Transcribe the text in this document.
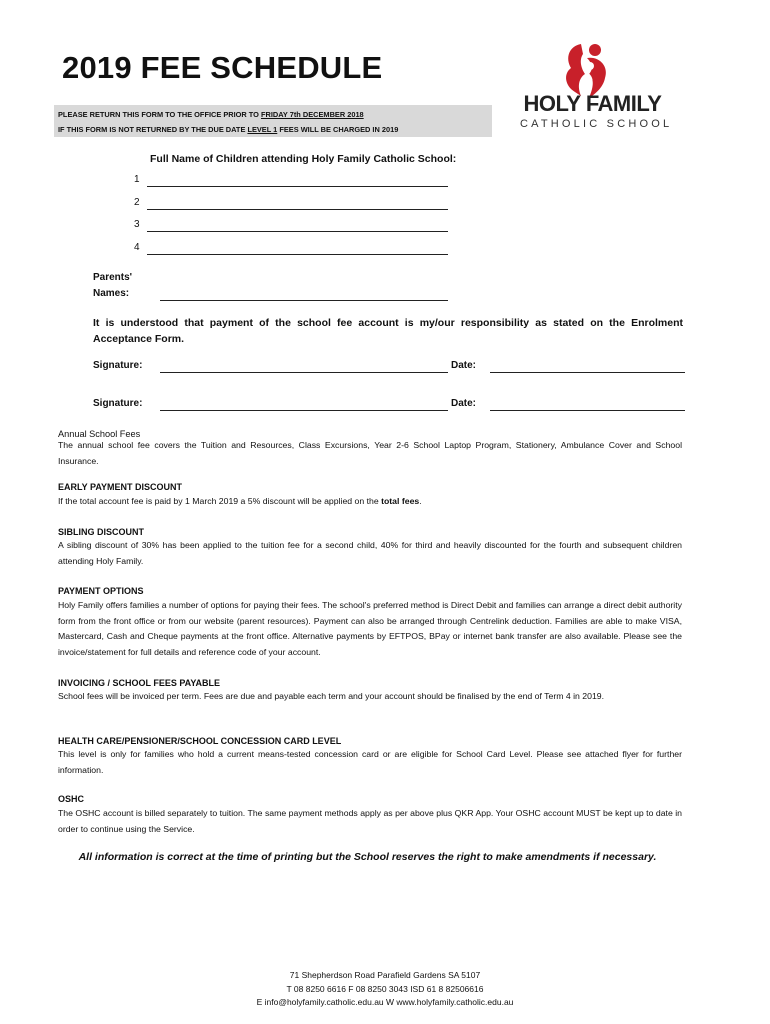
2019 FEE SCHEDULE
PLEASE RETURN THIS FORM TO THE OFFICE PRIOR TO FRIDAY 7th DECEMBER 2018
IF THIS FORM IS NOT RETURNED BY THE DUE DATE LEVEL 1 FEES WILL BE CHARGED IN 2019
HOLY FAMILY
CATHOLIC SCHOOL
Full Name of Children attending Holy Family Catholic School:
1
2
3
4
Parents'
Names:
It is understood that payment of the school fee account is my/our responsibility as stated on the Enrolment Acceptance Form.
Signature:	Date:
Signature:	Date:
Annual School Fees
The annual school fee covers the Tuition and Resources, Class Excursions, Year 2-6 School Laptop Program, Stationery, Ambulance Cover and School Insurance.
EARLY PAYMENT DISCOUNT
If the total account fee is paid by 1 March 2019 a 5% discount will be applied on the total fees.
SIBLING DISCOUNT
A sibling discount of 30% has been applied to the tuition fee for a second child, 40% for third and heavily discounted for the fourth and subsequent children attending Holy Family.
PAYMENT OPTIONS
Holy Family offers families a number of options for paying their fees. The school's preferred method is Direct Debit and families can arrange a direct debit authority form from the front office or from our website (parent resources). Payment can also be arranged through Centrelink deduction. Families are able to make VISA, Mastercard, Cash and Cheque payments at the front office. Alternative payments by EFTPOS, BPay or internet bank transfer are also available. Please see the invoice/statement for full details and reference code of your account.
INVOICING / SCHOOL FEES PAYABLE
School fees will be invoiced per term. Fees are due and payable each term and your account should be finalised by the end of Term 4 in 2019.
HEALTH CARE/PENSIONER/SCHOOL CONCESSION CARD LEVEL
This level is only for families who hold a current means-tested concession card or are eligible for School Card Level. Please see attached flyer for further information.
OSHC
The OSHC account is billed separately to tuition. The same payment methods apply as per above plus QKR App. Your OSHC account MUST be kept up to date in order to continue using the Service.
All information is correct at the time of printing but the School reserves the right to make amendments if necessary.
71 Shepherdson Road Parafield Gardens SA 5107
T 08 8250 6616 F 08 8250 3043 ISD 61 8 82506616
E info@holyfamily.catholic.edu.au W www.holyfamily.catholic.edu.au
